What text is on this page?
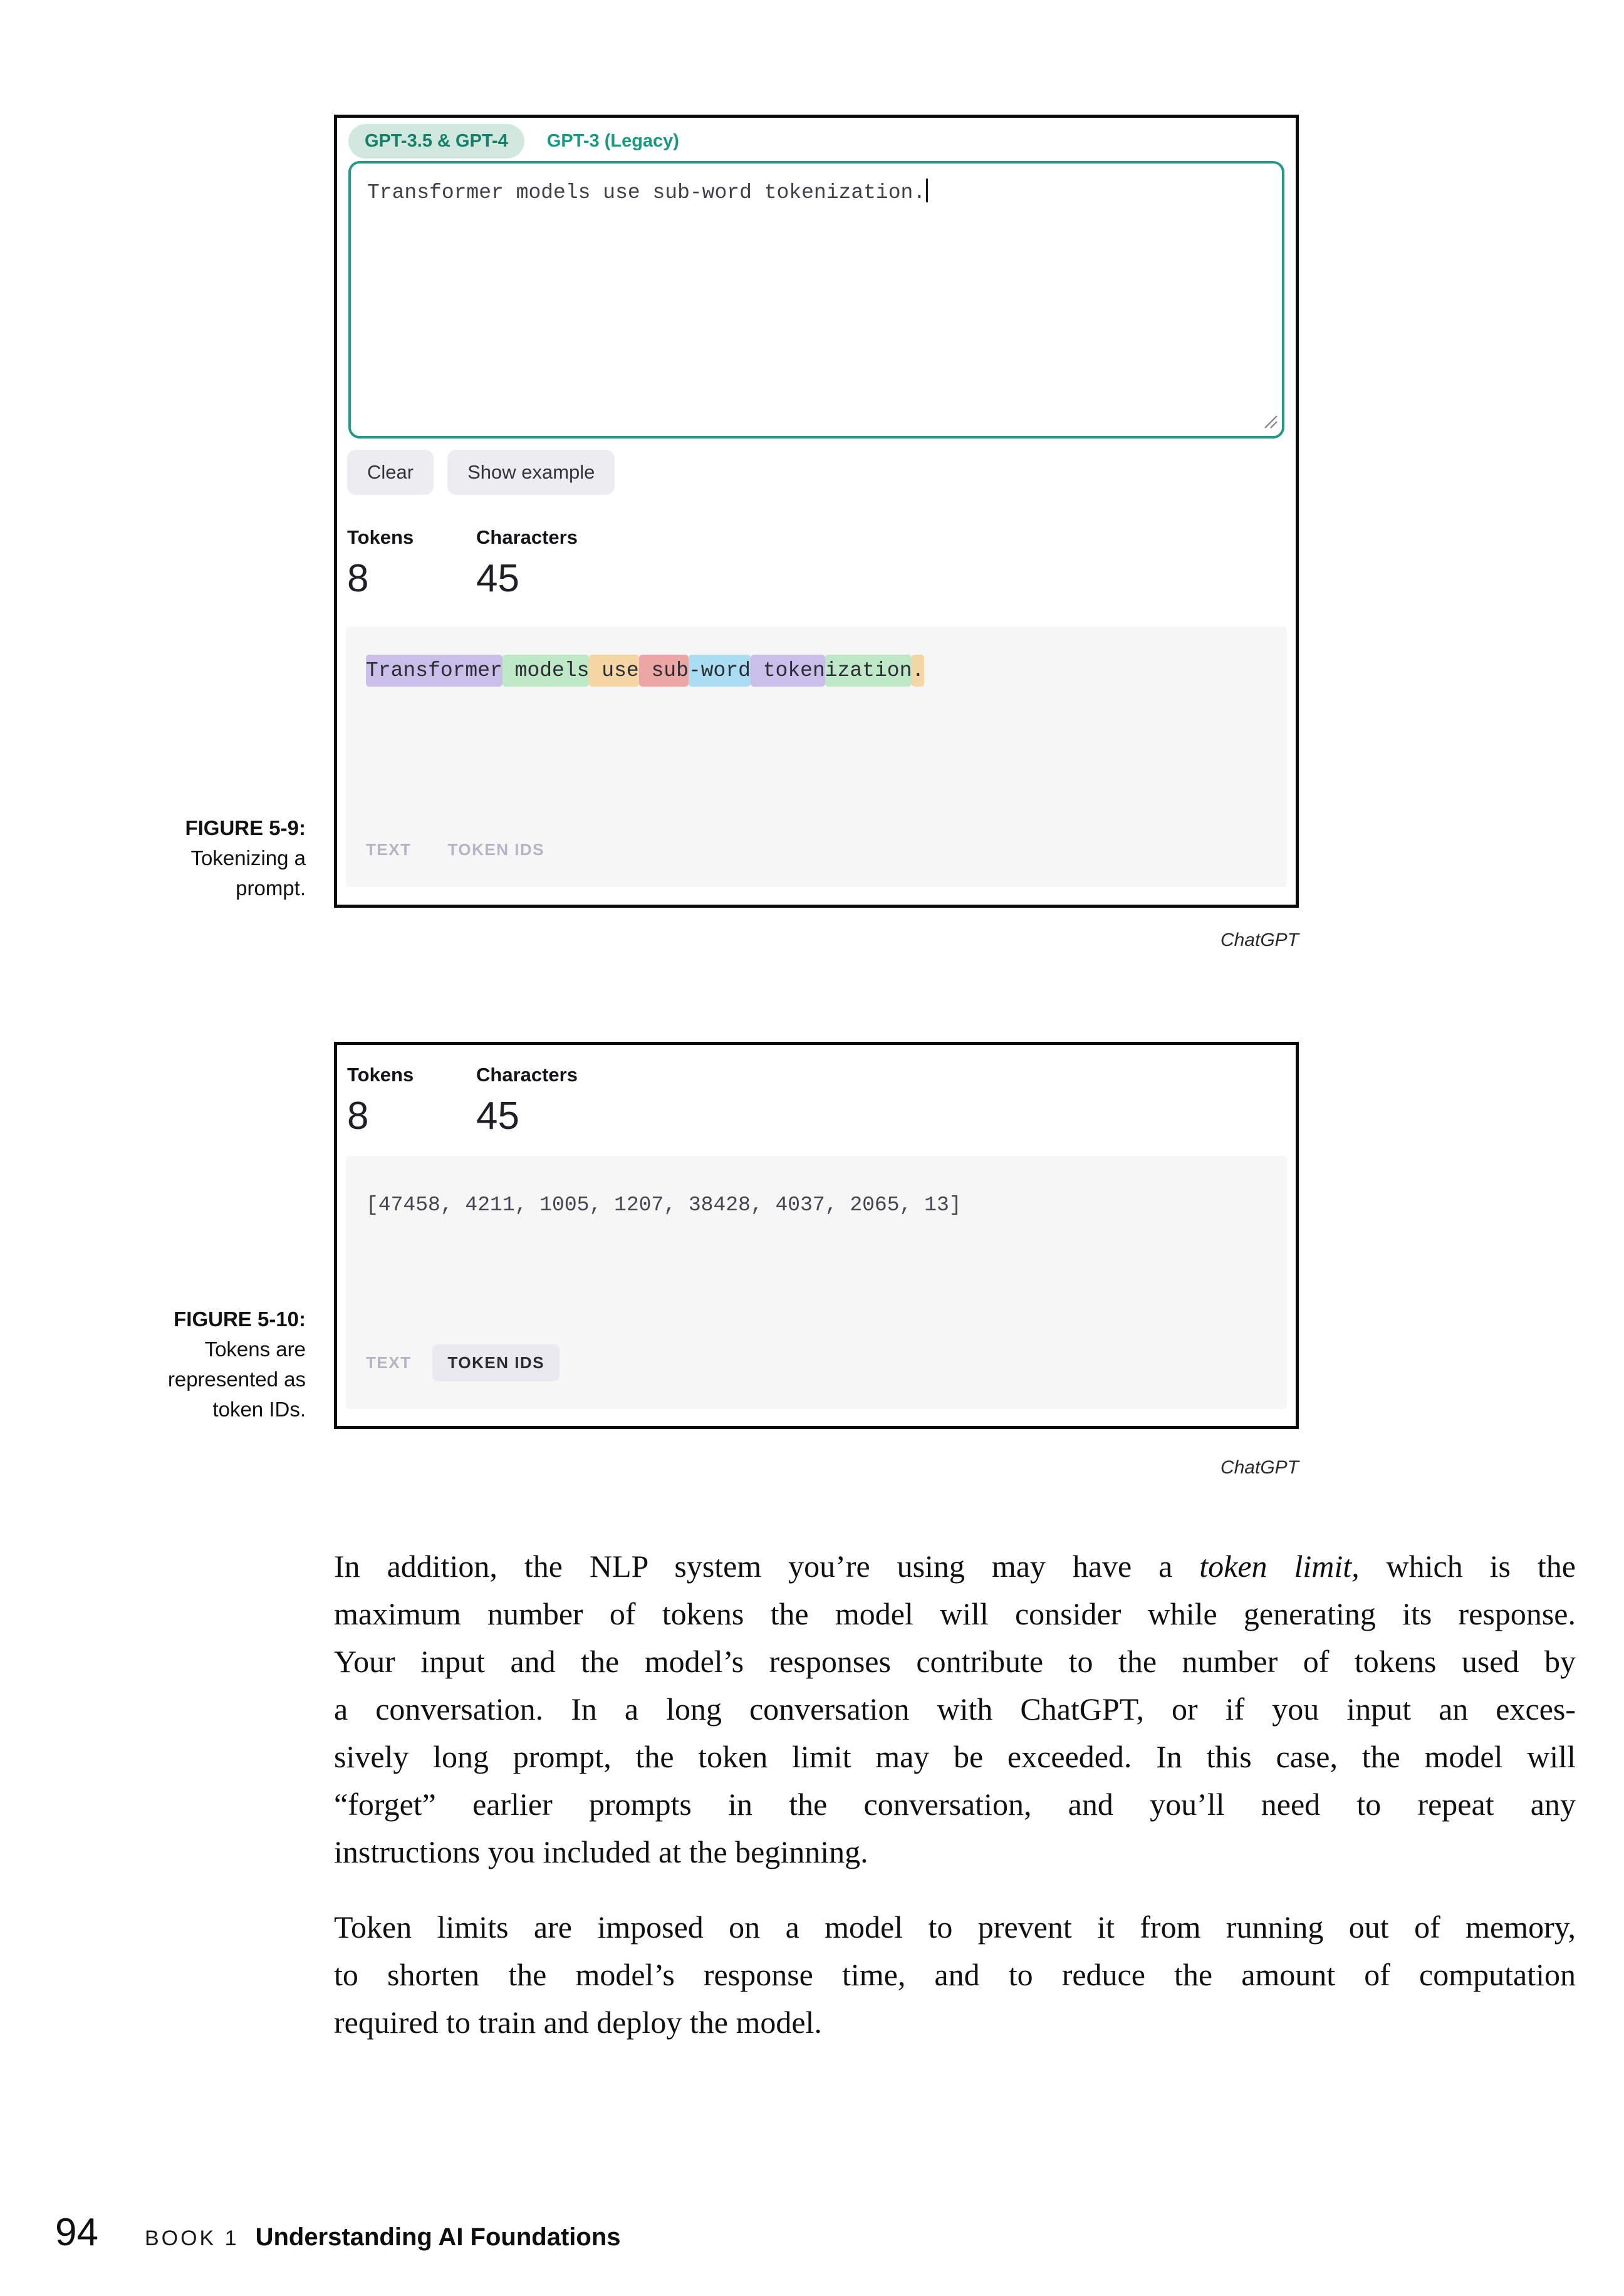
GPT-3.5 & GPT-4	GPT-3 (Legacy)
Transformer models use sub-word tokenization.
Clear	Show example
Tokens
8
Characters
45
Transformer models use sub-word tokenization.
TEXT TOKEN IDS
FIGURE 5-9:
Tokenizing a
prompt.
ChatGPT
Tokens
8
Characters
45
[47458, 4211, 1005, 1207, 38428, 4037, 2065, 13]
TEXT	TOKEN IDS
FIGURE 5-10:
Tokens are
represented as
token IDs.
ChatGPT
In addition, the NLP system you’re using may have a token limit, which is the
maximum number of tokens the model will consider while generating its response.
Your input and the model’s responses contribute to the number of tokens used by
a conversation. In a long conversation with ChatGPT, or if you input an exces-
sively long prompt, the token limit may be exceeded. In this case, the model will
“forget” earlier prompts in the conversation, and you’ll need to repeat any
instructions you included at the beginning.
Token limits are imposed on a model to prevent it from running out of memory,
to shorten the model’s response time, and to reduce the amount of computation
required to train and deploy the model.
94 BOOK 1 Understanding AI Foundations
